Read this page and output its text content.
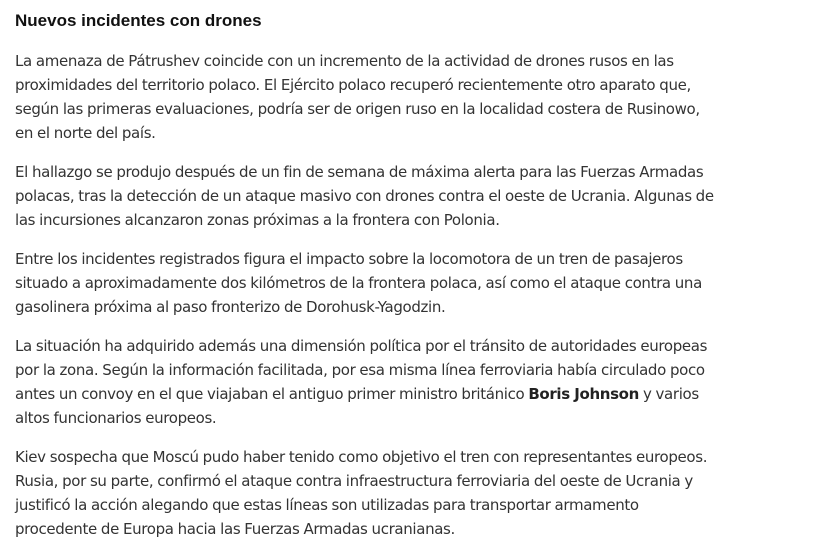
Nuevos incidentes con drones

La amenaza de Pátrushev coincide con un incremento de la actividad de drones rusos en las proximidades del territorio polaco. El Ejército polaco recuperó recientemente otro aparato que, según las primeras evaluaciones, podría ser de origen ruso en la localidad costera de Rusinowo, en el norte del país.

El hallazgo se produjo después de un fin de semana de máxima alerta para las Fuerzas Armadas polacas, tras la detección de un ataque masivo con drones contra el oeste de Ucrania. Algunas de las incursiones alcanzaron zonas próximas a la frontera con Polonia.

Entre los incidentes registrados figura el impacto sobre la locomotora de un tren de pasajeros situado a aproximadamente dos kilómetros de la frontera polaca, así como el ataque contra una gasolinera próxima al paso fronterizo de Dorohusk-Yagodzin.

La situación ha adquirido además una dimensión política por el tránsito de autoridades europeas por la zona. Según la información facilitada, por esa misma línea ferroviaria había circulado poco antes un convoy en el que viajaban el antiguo primer ministro británico Boris Johnson y varios altos funcionarios europeos.

Kiev sospecha que Moscú pudo haber tenido como objetivo el tren con representantes europeos. Rusia, por su parte, confirmó el ataque contra infraestructura ferroviaria del oeste de Ucrania y justificó la acción alegando que estas líneas son utilizadas para transportar armamento procedente de Europa hacia las Fuerzas Armadas ucranianas.
